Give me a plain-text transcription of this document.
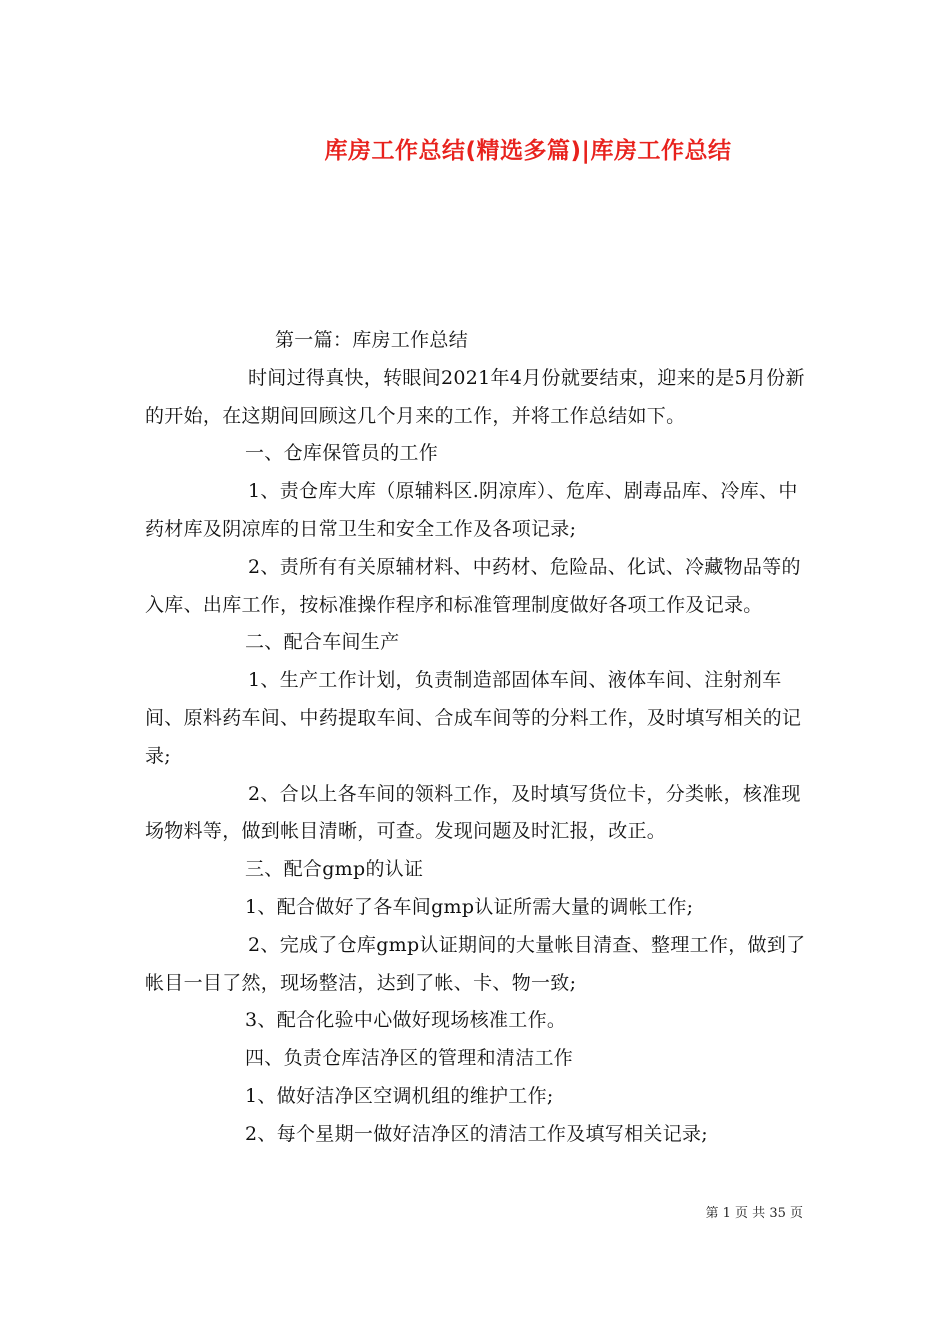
库房工作总结(精选多篇)|库房工作总结

第一篇：库房工作总结

时间过得真快，转眼间2021年4月份就要结束，迎来的是5月份新的开始，在这期间回顾这几个月来的工作，并将工作总结如下。

一、仓库保管员的工作

1、责仓库大库（原辅料区.阴凉库）、危库、剧毒品库、冷库、中药材库及阴凉库的日常卫生和安全工作及各项记录;

2、责所有有关原辅材料、中药材、危险品、化试、冷藏物品等的入库、出库工作，按标准操作程序和标准管理制度做好各项工作及记录。

二、配合车间生产

1、生产工作计划，负责制造部固体车间、液体车间、注射剂车间、原料药车间、中药提取车间、合成车间等的分料工作，及时填写相关的记录;

2、合以上各车间的领料工作，及时填写货位卡，分类帐，核准现场物料等，做到帐目清晰，可查。发现问题及时汇报，改正。

三、配合gmp的认证

1、配合做好了各车间gmp认证所需大量的调帐工作;

2、完成了仓库gmp认证期间的大量帐目清查、整理工作，做到了帐目一目了然，现场整洁，达到了帐、卡、物一致;

3、配合化验中心做好现场核准工作。

四、负责仓库洁净区的管理和清洁工作

1、做好洁净区空调机组的维护工作;

2、每个星期一做好洁净区的清洁工作及填写相关记录;

第 1 页 共 35 页
